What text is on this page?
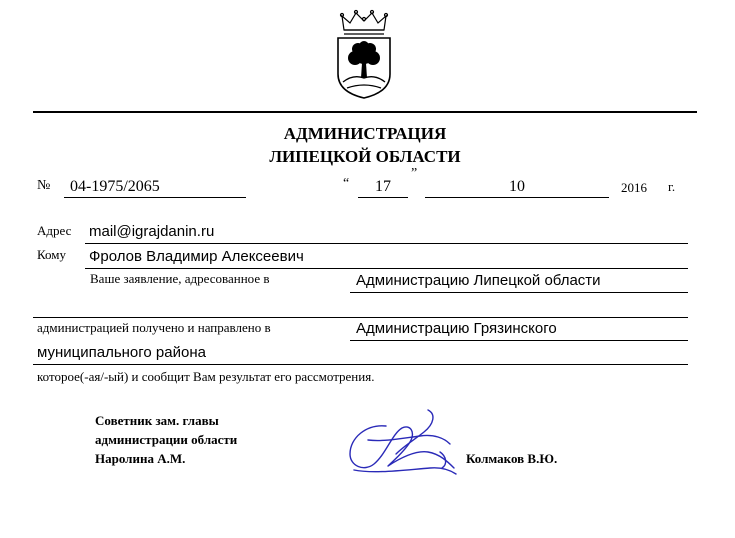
АДМИНИСТРАЦИЯ
ЛИПЕЦКОЙ ОБЛАСТИ
№ 04-1975/2065	“	17
”
10	2016 г.
Адрес mail@igrajdanin.ru
Кому Фролов Владимир Алексеевич
Ваше заявление, адресованное в	Администрацию Липецкой области
администрацией получено и направлено в	Администрацию Грязинского
муниципального района
которое(-ая/-ый) и сообщит Вам результат его рассмотрения.
Советник зам. главы
администрации области
Наролина А.М.	Колмаков В.Ю.
